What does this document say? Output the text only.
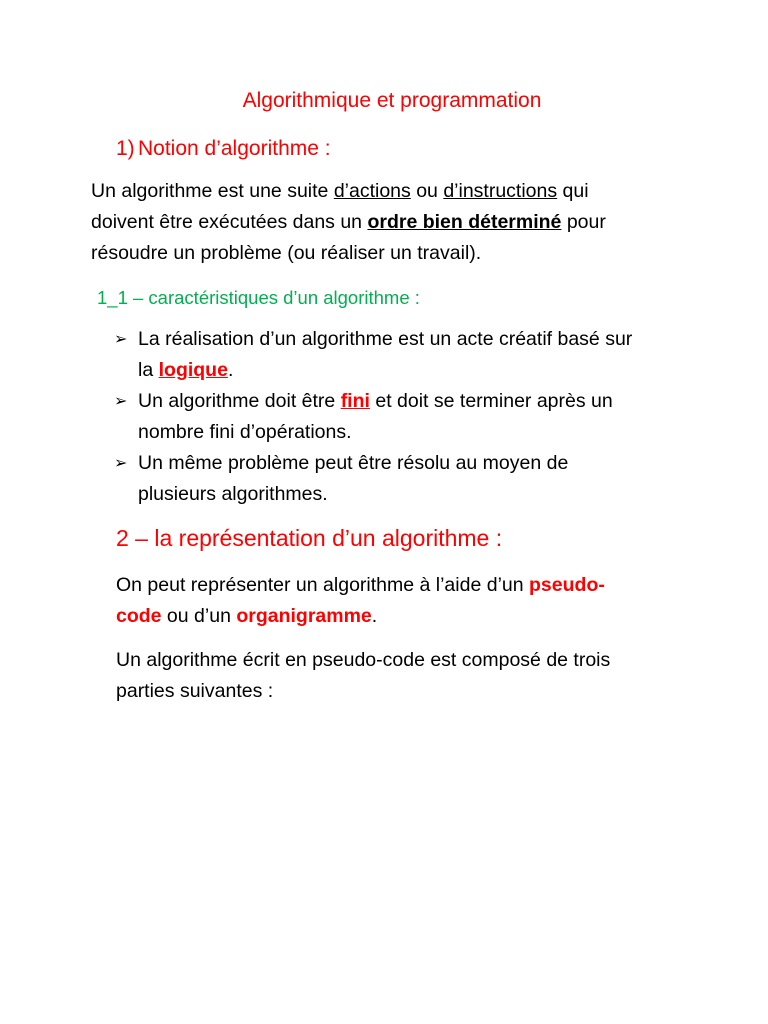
Algorithmique et programmation
1) Notion d’algorithme :
Un algorithme est une suite d’actions ou d’instructions qui
doivent être exécutées dans un ordre bien déterminé pour
résoudre un problème (ou réaliser un travail).
1_1 – caractéristiques d’un algorithme :
➢ La réalisation d’un algorithme est un acte créatif basé sur
la logique.
➢ Un algorithme doit être fini et doit se terminer après un
nombre fini d’opérations.
➢ Un même problème peut être résolu au moyen de
plusieurs algorithmes.
2 – la représentation d’un algorithme :
On peut représenter un algorithme à l’aide d’un pseudo-
code ou d’un organigramme.
Un algorithme écrit en pseudo-code est composé de trois
parties suivantes :
